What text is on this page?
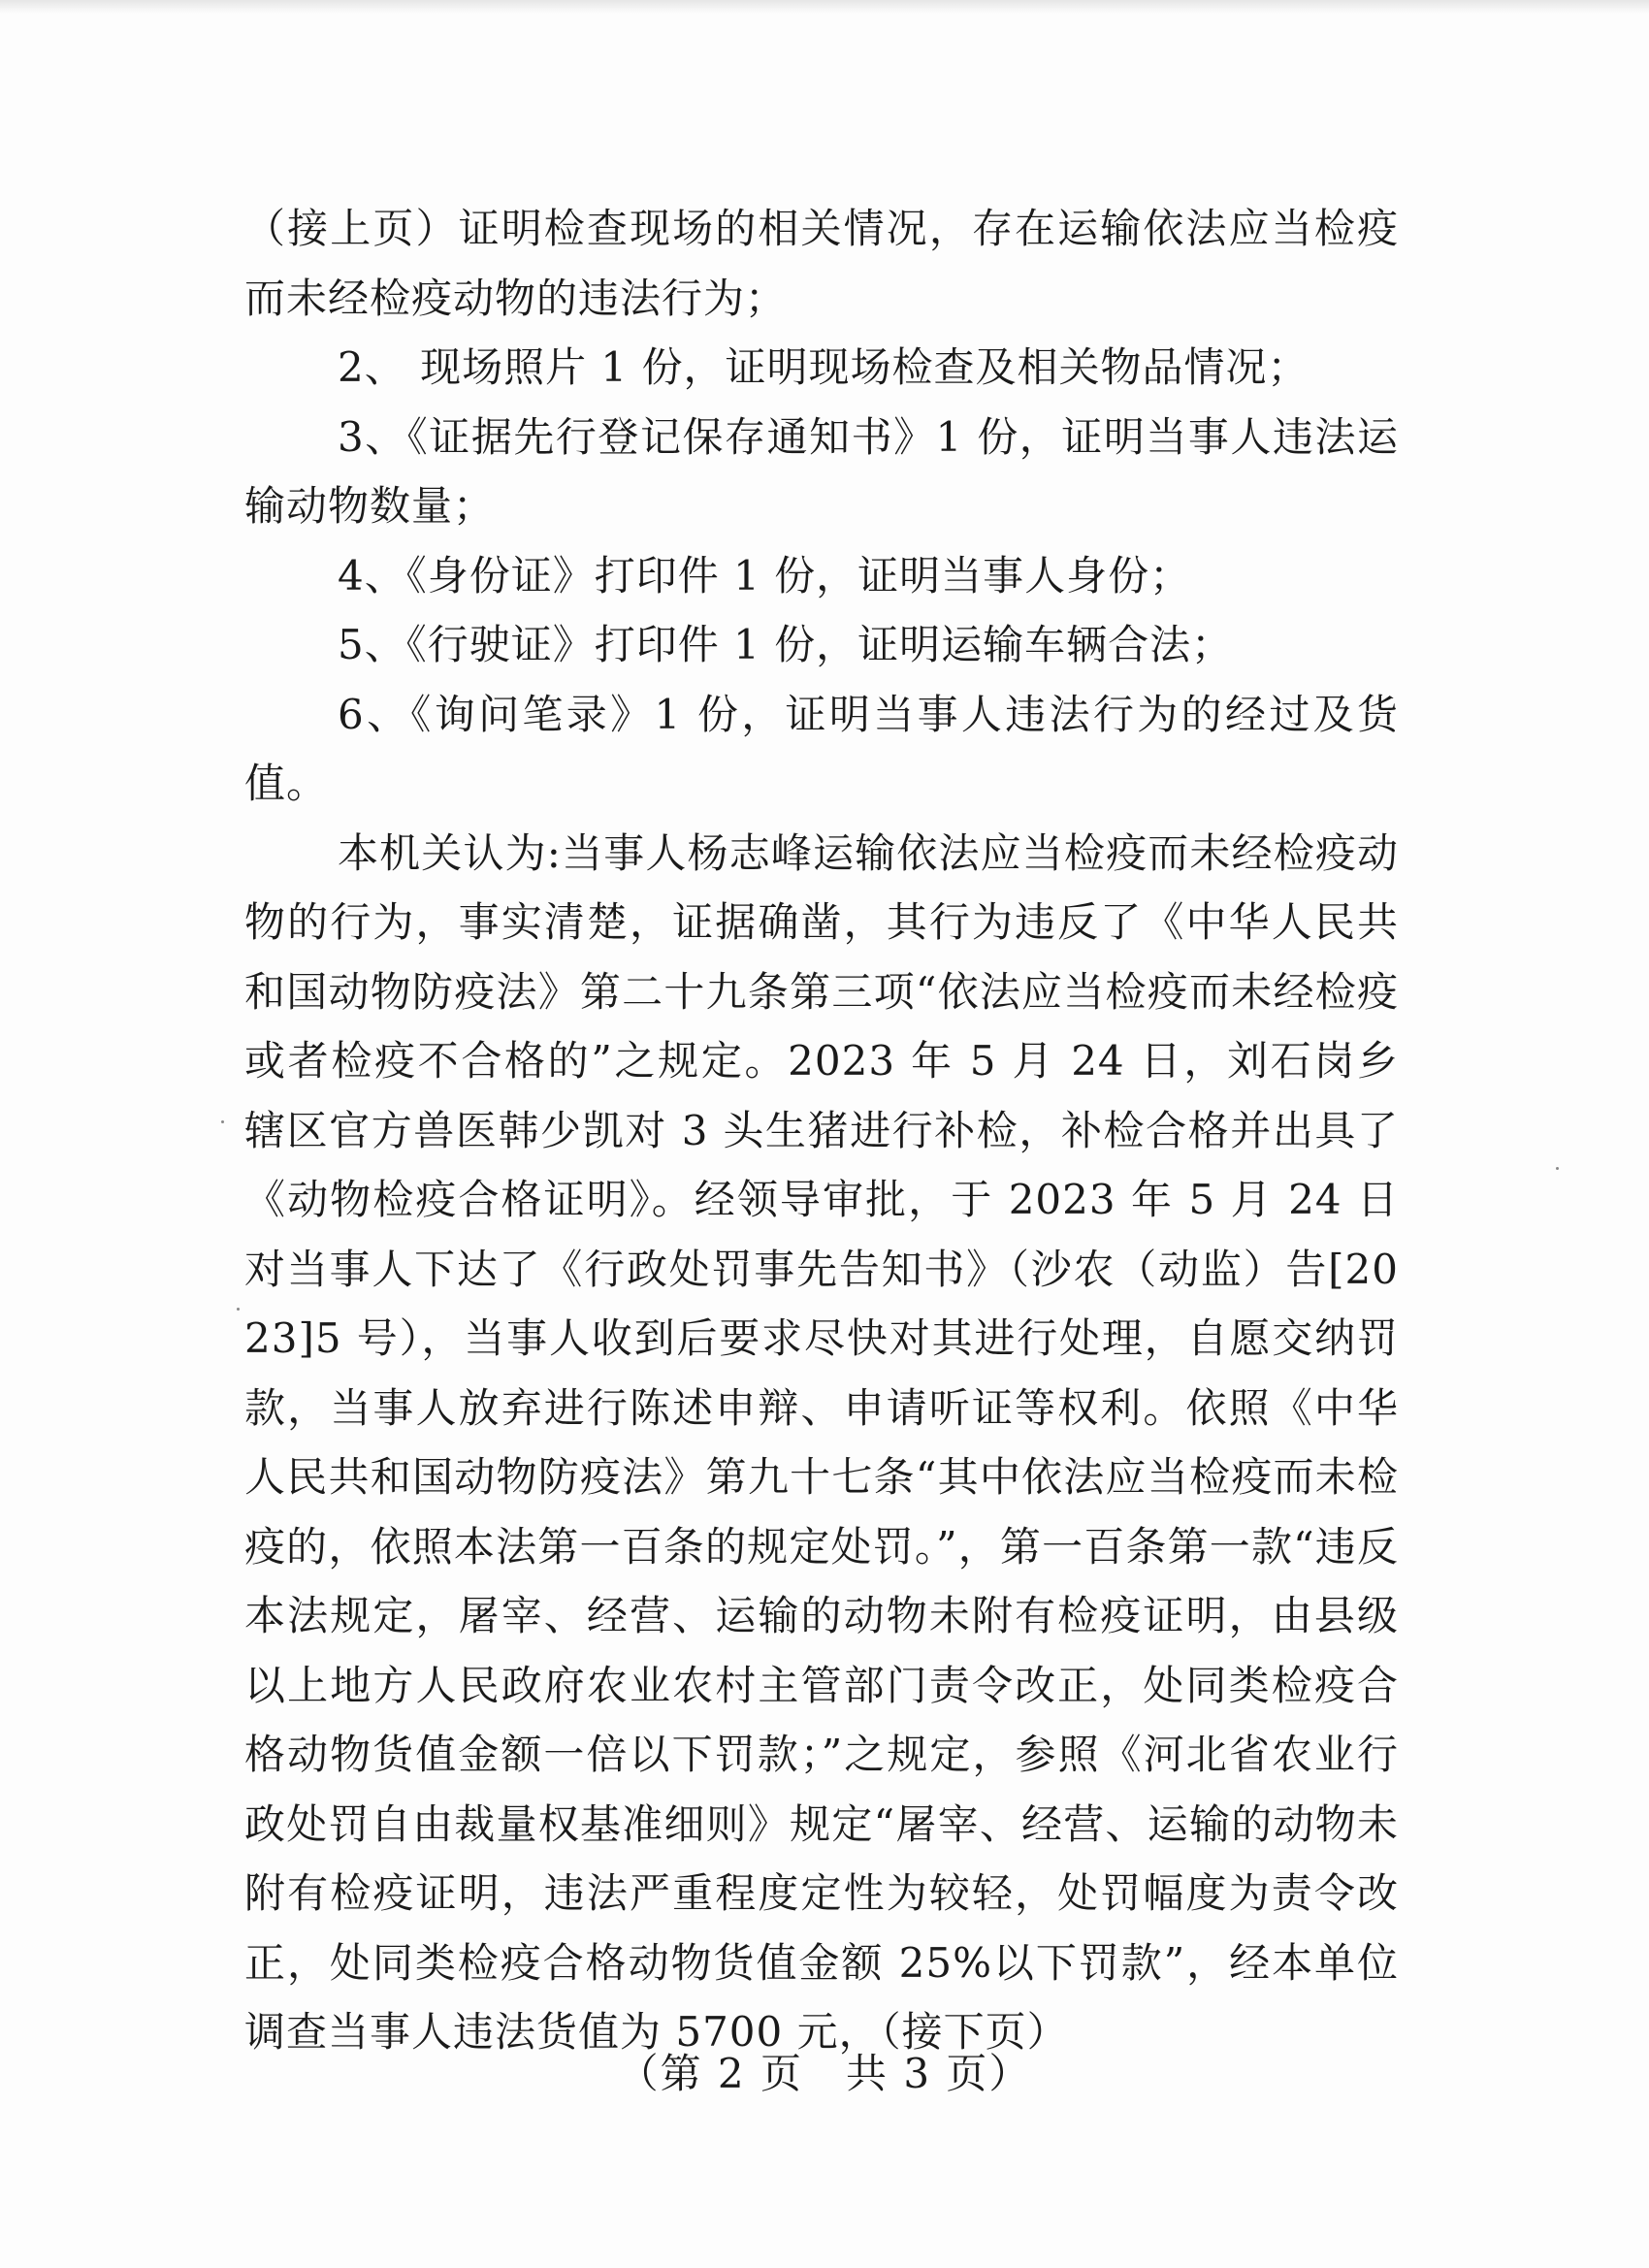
（接上页）证明检查现场的相关情况，存在运输依法应当检疫而未经检疫动物的违法行为；

2、 现场照片 1 份，证明现场检查及相关物品情况；

3、《证据先行登记保存通知书》1 份，证明当事人违法运输动物数量；

4、《身份证》打印件 1 份，证明当事人身份；

5、《行驶证》打印件 1 份，证明运输车辆合法；

6、《询问笔录》1 份，证明当事人违法行为的经过及货值。

本机关认为:当事人杨志峰运输依法应当检疫而未经检疫动物的行为，事实清楚，证据确凿，其行为违反了《中华人民共和国动物防疫法》第二十九条第三项“依法应当检疫而未经检疫或者检疫不合格的”之规定。2023 年 5 月 24 日，刘石岗乡辖区官方兽医韩少凯对 3 头生猪进行补检，补检合格并出具了《动物检疫合格证明》。经领导审批，于 2023 年 5 月 24 日对当事人下达了《行政处罚事先告知书》（沙农（动监）告[2023]5 号），当事人收到后要求尽快对其进行处理，自愿交纳罚款，当事人放弃进行陈述申辩、申请听证等权利。依照《中华人民共和国动物防疫法》第九十七条“其中依法应当检疫而未检疫的，依照本法第一百条的规定处罚。”，第一百条第一款“违反本法规定，屠宰、经营、运输的动物未附有检疫证明，由县级以上地方人民政府农业农村主管部门责令改正，处同类检疫合格动物货值金额一倍以下罚款；”之规定，参照《河北省农业行政处罚自由裁量权基准细则》规定“屠宰、经营、运输的动物未附有检疫证明，违法严重程度定性为较轻，处罚幅度为责令改正，处同类检疫合格动物货值金额 25%以下罚款”，经本单位调查当事人违法货值为 5700 元，（接下页）

（第 2 页　共 3 页）
